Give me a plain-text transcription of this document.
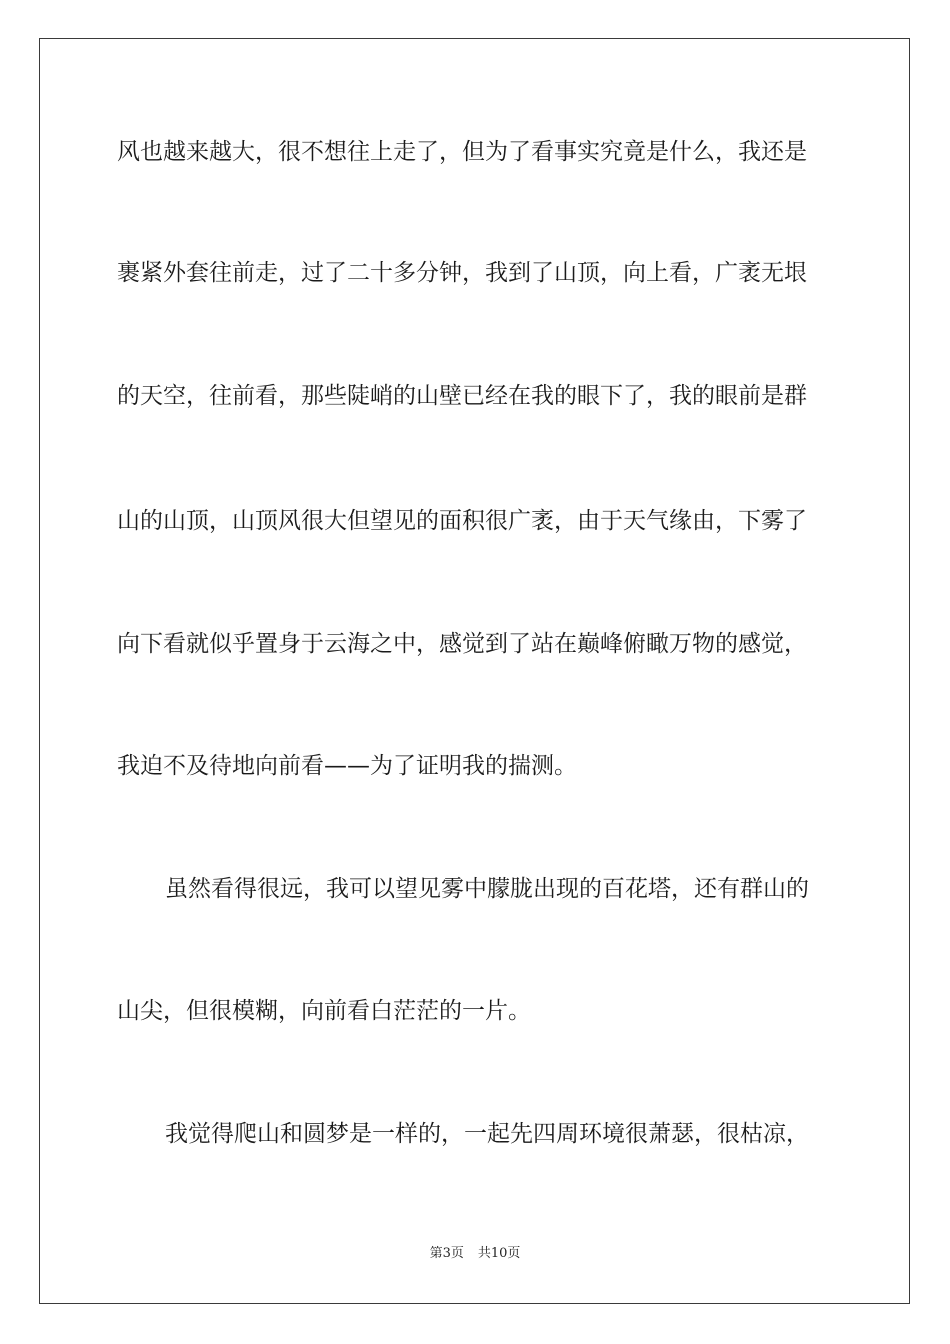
风也越来越大，很不想往上走了，但为了看事实究竟是什么，我还是
裹紧外套往前走，过了二十多分钟，我到了山顶，向上看，广袤无垠
的天空，往前看，那些陡峭的山壁已经在我的眼下了，我的眼前是群
山的山顶，山顶风很大但望见的面积很广袤，由于天气缘由，下雾了
向下看就似乎置身于云海之中，感觉到了站在巅峰俯瞰万物的感觉，
我迫不及待地向前看——为了证明我的揣测。
虽然看得很远，我可以望见雾中朦胧出现的百花塔，还有群山的
山尖，但很模糊，向前看白茫茫的一片。
我觉得爬山和圆梦是一样的，一起先四周环境很萧瑟，很枯凉，
第3页 共10页
